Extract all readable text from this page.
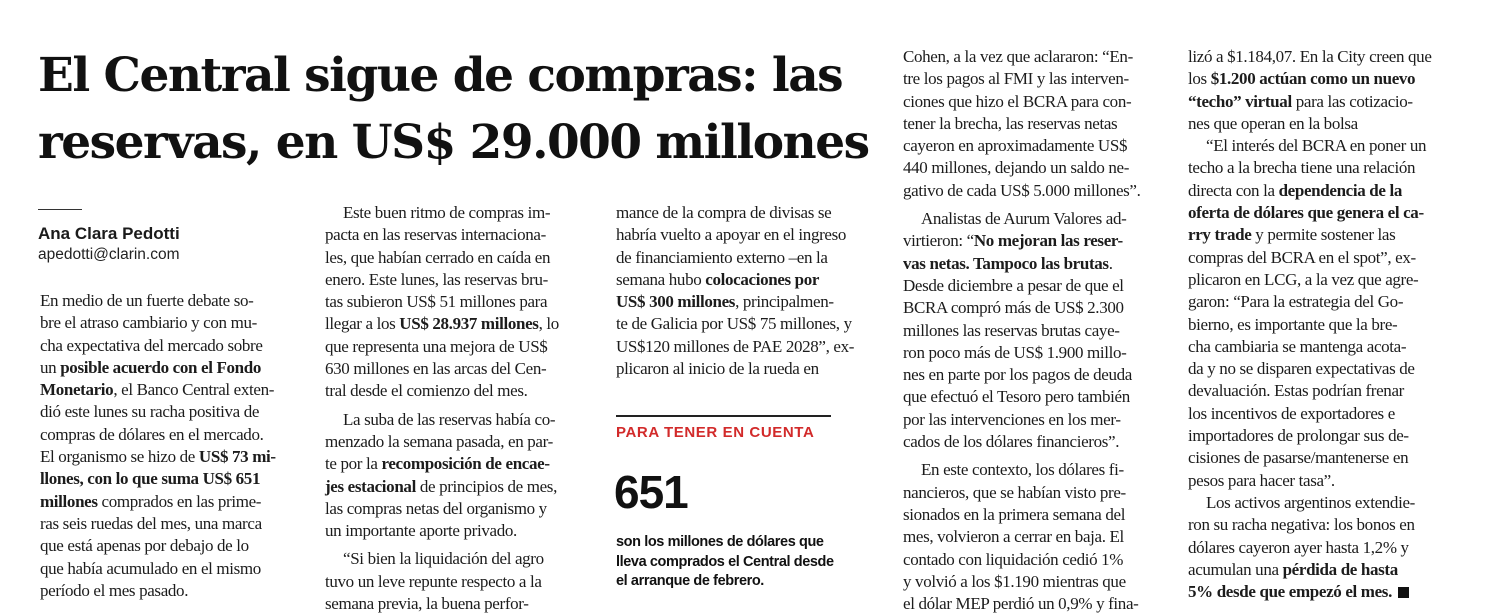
El Central sigue de compras: las
reservas, en US$ 29.000 millones
Ana Clara Pedotti
apedotti@clarin.com
En medio de un fuerte debate so-
bre el atraso cambiario y con mu-
cha expectativa del mercado sobre
un posible acuerdo con el Fondo
Monetario, el Banco Central exten-
dió este lunes su racha positiva de
compras de dólares en el mercado.
El organismo se hizo de US$ 73 mi-
llones, con lo que suma US$ 651
millones comprados en las prime-
ras seis ruedas del mes, una marca
que está apenas por debajo de lo
que había acumulado en el mismo
período el mes pasado.
Este buen ritmo de compras im-
pacta en las reservas internaciona-
les, que habían cerrado en caída en
enero. Este lunes, las reservas bru-
tas subieron US$ 51 millones para
llegar a los US$ 28.937 millones, lo
que representa una mejora de US$
630 millones en las arcas del Cen-
tral desde el comienzo del mes.
La suba de las reservas había co-
menzado la semana pasada, en par-
te por la recomposición de encae-
jes estacional de principios de mes,
las compras netas del organismo y
un importante aporte privado.
“Si bien la liquidación del agro
tuvo un leve repunte respecto a la
semana previa, la buena perfor-
mance de la compra de divisas se
habría vuelto a apoyar en el ingreso
de financiamiento externo –en la
semana hubo colocaciones por
US$ 300 millones, principalmen-
te de Galicia por US$ 75 millones, y
US$120 millones de PAE 2028”, ex-
plicaron al inicio de la rueda en
Cohen, a la vez que aclararon: “En-
tre los pagos al FMI y las interven-
ciones que hizo el BCRA para con-
tener la brecha, las reservas netas
cayeron en aproximadamente US$
440 millones, dejando un saldo ne-
gativo de cada US$ 5.000 millones”.
Analistas de Aurum Valores ad-
virtieron: “No mejoran las reser-
vas netas. Tampoco las brutas.
Desde diciembre a pesar de que el
BCRA compró más de US$ 2.300
millones las reservas brutas caye-
ron poco más de US$ 1.900 millo-
nes en parte por los pagos de deuda
que efectuó el Tesoro pero también
por las intervenciones en los mer-
cados de los dólares financieros”.
En este contexto, los dólares fi-
nancieros, que se habían visto pre-
sionados en la primera semana del
mes, volvieron a cerrar en baja. El
contado con liquidación cedió 1%
y volvió a los $1.190 mientras que
el dólar MEP perdió un 0,9% y fina-
lizó a $1.184,07. En la City creen que
los $1.200 actúan como un nuevo
“techo” virtual para las cotizacio-
nes que operan en la bolsa
“El interés del BCRA en poner un
techo a la brecha tiene una relación
directa con la dependencia de la
oferta de dólares que genera el ca-
rry trade y permite sostener las
compras del BCRA en el spot”, ex-
plicaron en LCG, a la vez que agre-
garon: “Para la estrategia del Go-
bierno, es importante que la bre-
cha cambiaria se mantenga acota-
da y no se disparen expectativas de
devaluación. Estas podrían frenar
los incentivos de exportadores e
importadores de prolongar sus de-
cisiones de pasarse/mantenerse en
pesos para hacer tasa”.
Los activos argentinos extendie-
ron su racha negativa: los bonos en
dólares cayeron ayer hasta 1,2% y
acumulan una pérdida de hasta
5% desde que empezó el mes.
PARA TENER EN CUENTA
651
son los millones de dólares que
lleva comprados el Central desde
el arranque de febrero.
